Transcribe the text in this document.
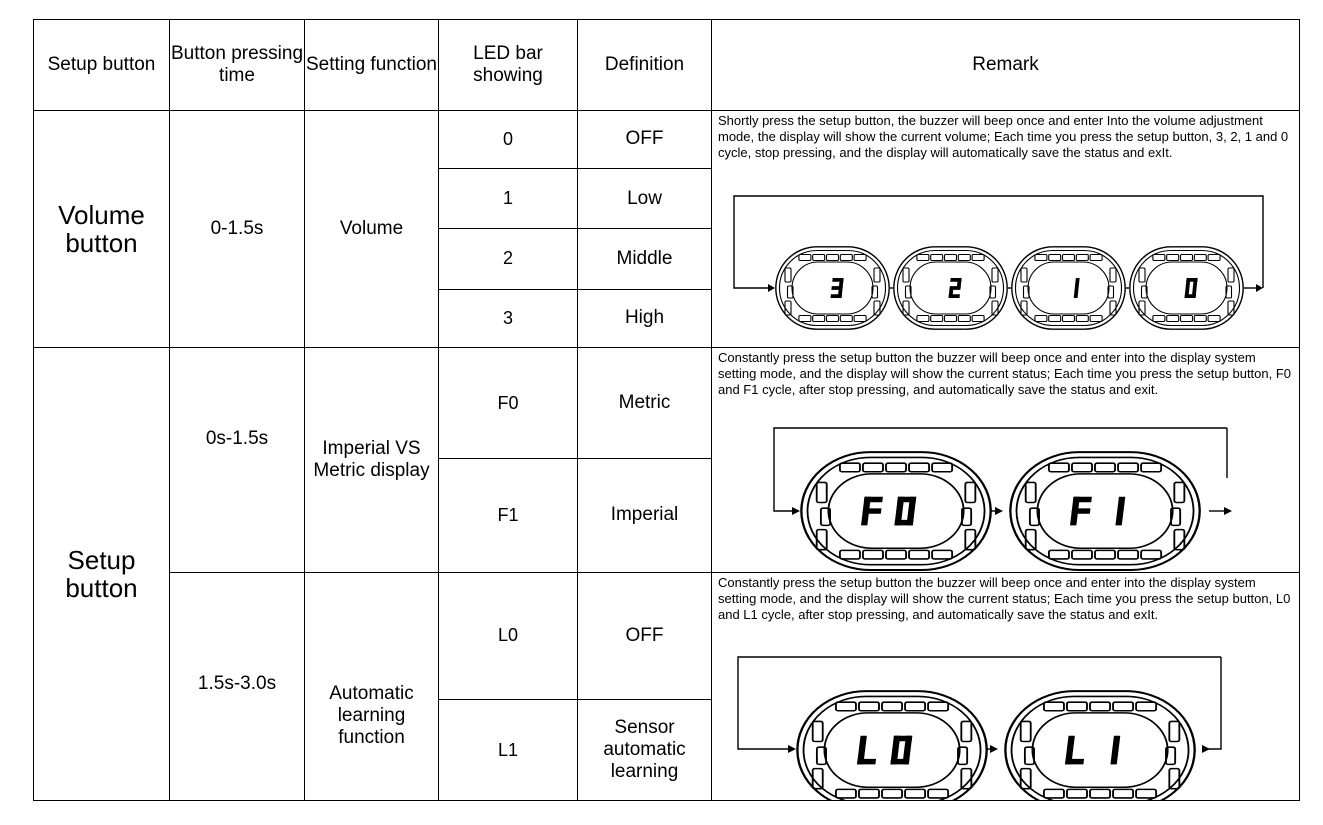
Setup button	Button pressing time	Setting function	LED bar showing	Definition	Remark
Volume button	0-1.5s	Volume	0	OFF	Shortly press the setup button, the buzzer will beep once and enter Into the volume adjustment mode, the display will show the current volume; Each time you press the setup button, 3, 2, 1 and 0 cycle, stop pressing, and the display will automatically save the status and exIt.

			1	Low	
			2	Middle	
			3	High	
Setup button	0s-1.5s	Imperial VS Metric display	F0	Metric	Constantly press the setup button the buzzer will beep once and enter into the display system setting mode, and the display will show the current status; Each time you press the setup button, F0 and F1 cycle, after stop pressing, and automatically save the status and exit.

			F1	Imperial	
	1.5s-3.0s	Automatic learning function	L0	OFF	Constantly press the setup button the buzzer will beep once and enter into the display system setting mode, and the display will show the current status; Each time you press the setup button, L0 and L1 cycle, after stop pressing, and automatically save the status and exIt.

			L1	Sensor automatic learning	
